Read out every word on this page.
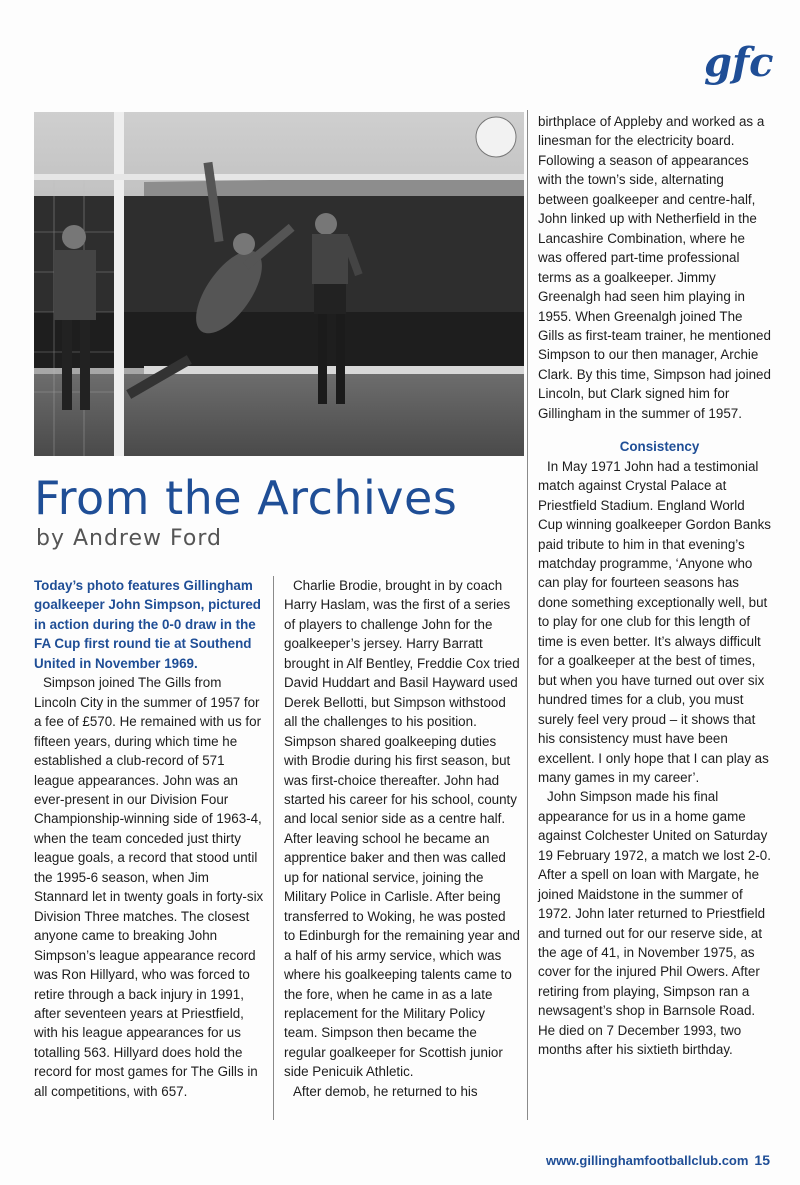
gfc
From the Archives

by Andrew Ford

Today’s photo features Gillingham goalkeeper John Simpson, pictured in action during the 0-0 draw in the FA Cup first round tie at Southend United in November 1969.

Simpson joined The Gills from Lincoln City in the summer of 1957 for a fee of £570. He remained with us for fifteen years, during which time he established a club-record of 571 league appearances. John was an ever-present in our Division Four Championship-winning side of 1963-4, when the team conceded just thirty league goals, a record that stood until the 1995-6 season, when Jim Stannard let in twenty goals in forty-six Division Three matches. The closest anyone came to breaking John Simpson’s league appearance record was Ron Hillyard, who was forced to retire through a back injury in 1991, after seventeen years at Priestfield, with his league appearances for us totalling 563. Hillyard does hold the record for most games for The Gills in all competitions, with 657.

Charlie Brodie, brought in by coach Harry Haslam, was the first of a series of players to challenge John for the goalkeeper’s jersey. Harry Barratt brought in Alf Bentley, Freddie Cox tried David Huddart and Basil Hayward used Derek Bellotti, but Simpson withstood all the challenges to his position. Simpson shared goalkeeping duties with Brodie during his first season, but was first-choice thereafter. John had started his career for his school, county and local senior side as a centre half. After leaving school he became an apprentice baker and then was called up for national service, joining the Military Police in Carlisle. After being transferred to Woking, he was posted to Edinburgh for the remaining year and a half of his army service, which was where his goalkeeping talents came to the fore, when he came in as a late replacement for the Military Policy team. Simpson then became the regular goalkeeper for Scottish junior side Penicuik Athletic.

After demob, he returned to his

birthplace of Appleby and worked as a linesman for the electricity board. Following a season of appearances with the town’s side, alternating between goalkeeper and centre-half, John linked up with Netherfield in the Lancashire Combination, where he was offered part-time professional terms as a goalkeeper. Jimmy Greenalgh had seen him playing in 1955. When Greenalgh joined The Gills as first-team trainer, he mentioned Simpson to our then manager, Archie Clark. By this time, Simpson had joined Lincoln, but Clark signed him for Gillingham in the summer of 1957.

Consistency

In May 1971 John had a testimonial match against Crystal Palace at Priestfield Stadium. England World Cup winning goalkeeper Gordon Banks paid tribute to him in that evening’s matchday programme, ‘Anyone who can play for fourteen seasons has done something exceptionally well, but to play for one club for this length of time is even better. It’s always difficult for a goalkeeper at the best of times, but when you have turned out over six hundred times for a club, you must surely feel very proud – it shows that his consistency must have been excellent. I only hope that I can play as many games in my career’.

John Simpson made his final appearance for us in a home game against Colchester United on Saturday 19 February 1972, a match we lost 2-0. After a spell on loan with Margate, he joined Maidstone in the summer of 1972. John later returned to Priestfield and turned out for our reserve side, at the age of 41, in November 1975, as cover for the injured Phil Owers. After retiring from playing, Simpson ran a newsagent’s shop in Barnsole Road. He died on 7 December 1993, two months after his sixtieth birthday.

www.gillinghamfootballclub.com 15
